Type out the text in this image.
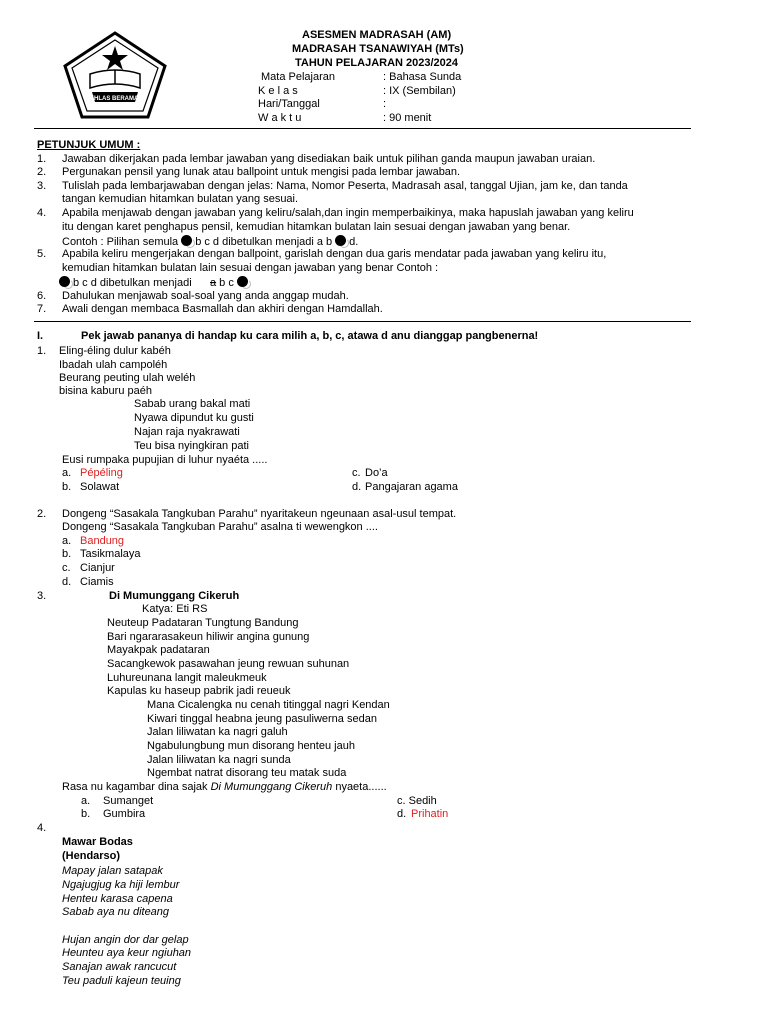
IKHLAS BERAMAL
ASESMEN MADRASAH (AM)
MADRASAH TSANAWIYAH (MTs)
TAHUN PELAJARAN 2023/2024
Mata Pelajaran	: Bahasa Sunda
K e l a s	: IX (Sembilan)
Hari/Tanggal	:
W a k t u	: 90 menit
PETUNJUK UMUM :
1. Jawaban dikerjakan pada lembar jawaban yang disediakan baik untuk pilihan ganda maupun jawaban uraian.
2. Pergunakan pensil yang lunak atau ballpoint untuk mengisi pada lembar jawaban.
3. Tulislah pada lembarjawaban dengan jelas: Nama, Nomor Peserta, Madrasah asal, tanggal Ujian, jam ke, dan tanda
tangan kemudian hitamkan bulatan yang sesuai.
4. Apabila menjawab dengan jawaban yang keliru/salah,dan ingin memperbaikinya, maka hapuslah jawaban yang keliru
itu dengan karet penghapus pensil, kemudian hitamkan bulatan lain sesuai dengan jawaban yang benar.
Contoh : Pilihan semula b c d dibetulkan menjadi a b d.
5. Apabila keliru mengerjakan dengan ballpoint, garislah dengan dua garis mendatar pada jawaban yang keliru itu,
kemudian hitamkan bulatan lain sesuai dengan jawaban yang benar Contoh :
b c d dibetulkan menjadi a b c
6. Dahulukan menjawab soal-soal yang anda anggap mudah.
7. Awali dengan membaca Basmallah dan akhiri dengan Hamdallah.
I.	Pek jawab pananya di handap ku cara milih a, b, c, atawa d anu dianggap pangbenerna!
1. Eling-éling dulur kabéh
Ibadah ulah campoléh
Beurang peuting ulah weléh
bisina kaburu paéh
Sabab urang bakal mati
Nyawa dipundut ku gusti
Najan raja nyakrawati
Teu bisa nyingkiran pati
Eusi rumpaka pupujian di luhur nyaéta .....
a. Pépéling
b. Solawat
c. Do’a
d. Pangajaran agama
2. Dongeng “Sasakala Tangkuban Parahu” nyaritakeun ngeunaan asal-usul tempat.
Dongeng “Sasakala Tangkuban Parahu” asalna ti wewengkon ....
a. Bandung
b. Tasikmalaya
c. Cianjur
d. Ciamis
3.	Di Mumunggang Cikeruh
Katya: Eti RS
Neuteup Padataran Tungtung Bandung
Bari ngararasakeun hiliwir angina gunung
Mayakpak padataran
Sacangkewok pasawahan jeung rewuan suhunan
Luhureunana langit maleukmeuk
Kapulas ku haseup pabrik jadi reueuk
Mana Cicalengka nu cenah titinggal nagri Kendan
Kiwari tinggal heabna jeung pasuliwerna sedan
Jalan liliwatan ka nagri galuh
Ngabulungbung mun disorang henteu jauh
Jalan liliwatan ka nagri sunda
Ngembat natrat disorang teu matak suda
Rasa nu kagambar dina sajak Di Mumunggang Cikeruh nyaeta......
a. Sumanget
b. Gumbira
c. Sedih
d. Prihatin
4.
Mawar Bodas
(Hendarso)
Mapay jalan satapak
Ngajugjug ka hiji lembur
Henteu karasa capena
Sabab aya nu diteang
Hujan angin dor dar gelap
Heunteu aya keur ngiuhan
Sanajan awak rancucut
Teu paduli kajeun teuing
